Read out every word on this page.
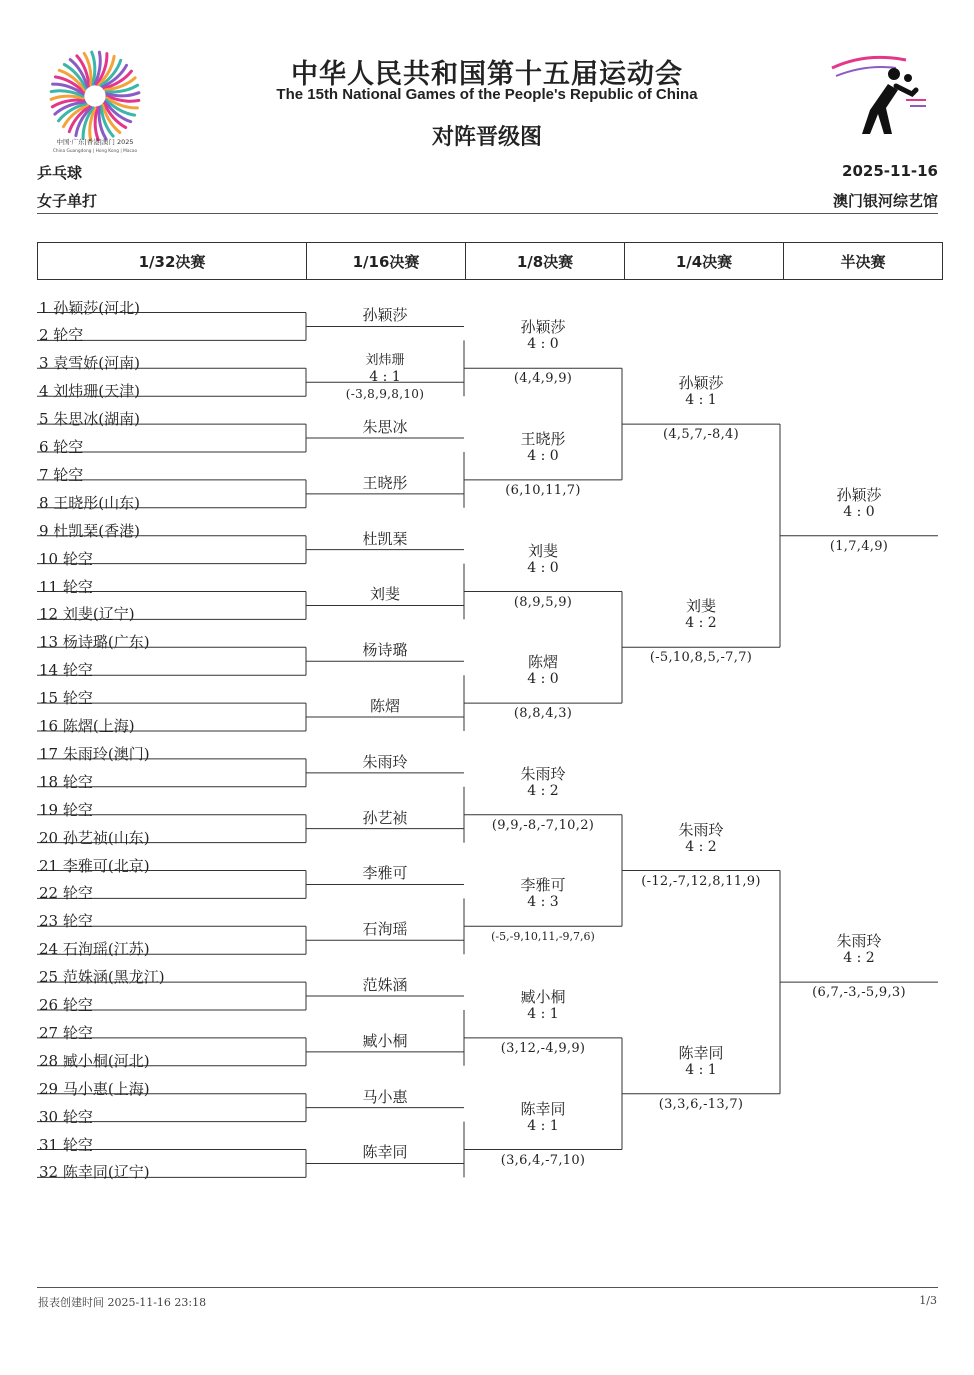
中国·广东|香港|澳门 2025
China Guangdong | Hong Kong | Macao
中华人民共和国第十五届运动会
The 15th National Games of the People's Republic of China
对阵晋级图
乒乓球
女子单打
2025-11-16
澳门银河综艺馆
1/32决赛	1/16决赛	1/8决赛	1/4决赛	半决赛
1 孙颖莎(河北)
2 轮空
3 袁雪娇(河南)
4 刘炜珊(天津)
5 朱思冰(湖南)
6 轮空
7 轮空
8 王晓彤(山东)
9 杜凯琹(香港)
10 轮空
11 轮空
12 刘斐(辽宁)
13 杨诗璐(广东)
14 轮空
15 轮空
16 陈熠(上海)
17 朱雨玲(澳门)
18 轮空
19 轮空
20 孙艺祯(山东)
21 李雅可(北京)
22 轮空
23 轮空
24 石洵瑶(江苏)
25 范姝涵(黑龙江)
26 轮空
27 轮空
28 臧小桐(河北)
29 马小惠(上海)
30 轮空
31 轮空
32 陈幸同(辽宁)
孙颖莎
刘炜珊
4 : 1
(-3,8,9,8,10)
朱思冰
王晓彤
杜凯琹
刘斐
杨诗璐
陈熠
朱雨玲
孙艺祯
李雅可
石洵瑶
范姝涵
臧小桐
马小惠
陈幸同
孙颖莎
4 : 0
(4,4,9,9)
王晓彤
4 : 0
(6,10,11,7)
刘斐
4 : 0
(8,9,5,9)
陈熠
4 : 0
(8,8,4,3)
朱雨玲
4 : 2
(9,9,-8,-7,10,2)
李雅可
4 : 3
(-5,-9,10,11,-9,7,6)
臧小桐
4 : 1
(3,12,-4,9,9)
陈幸同
4 : 1
(3,6,4,-7,10)
孙颖莎
4 : 1
(4,5,7,-8,4)
刘斐
4 : 2
(-5,10,8,5,-7,7)
朱雨玲
4 : 2
(-12,-7,12,8,11,9)
陈幸同
4 : 1
(3,3,6,-13,7)
孙颖莎
4 : 0
(1,7,4,9)
朱雨玲
4 : 2
(6,7,-3,-5,9,3)
报表创建时间 2025-11-16 23:18	1/3
